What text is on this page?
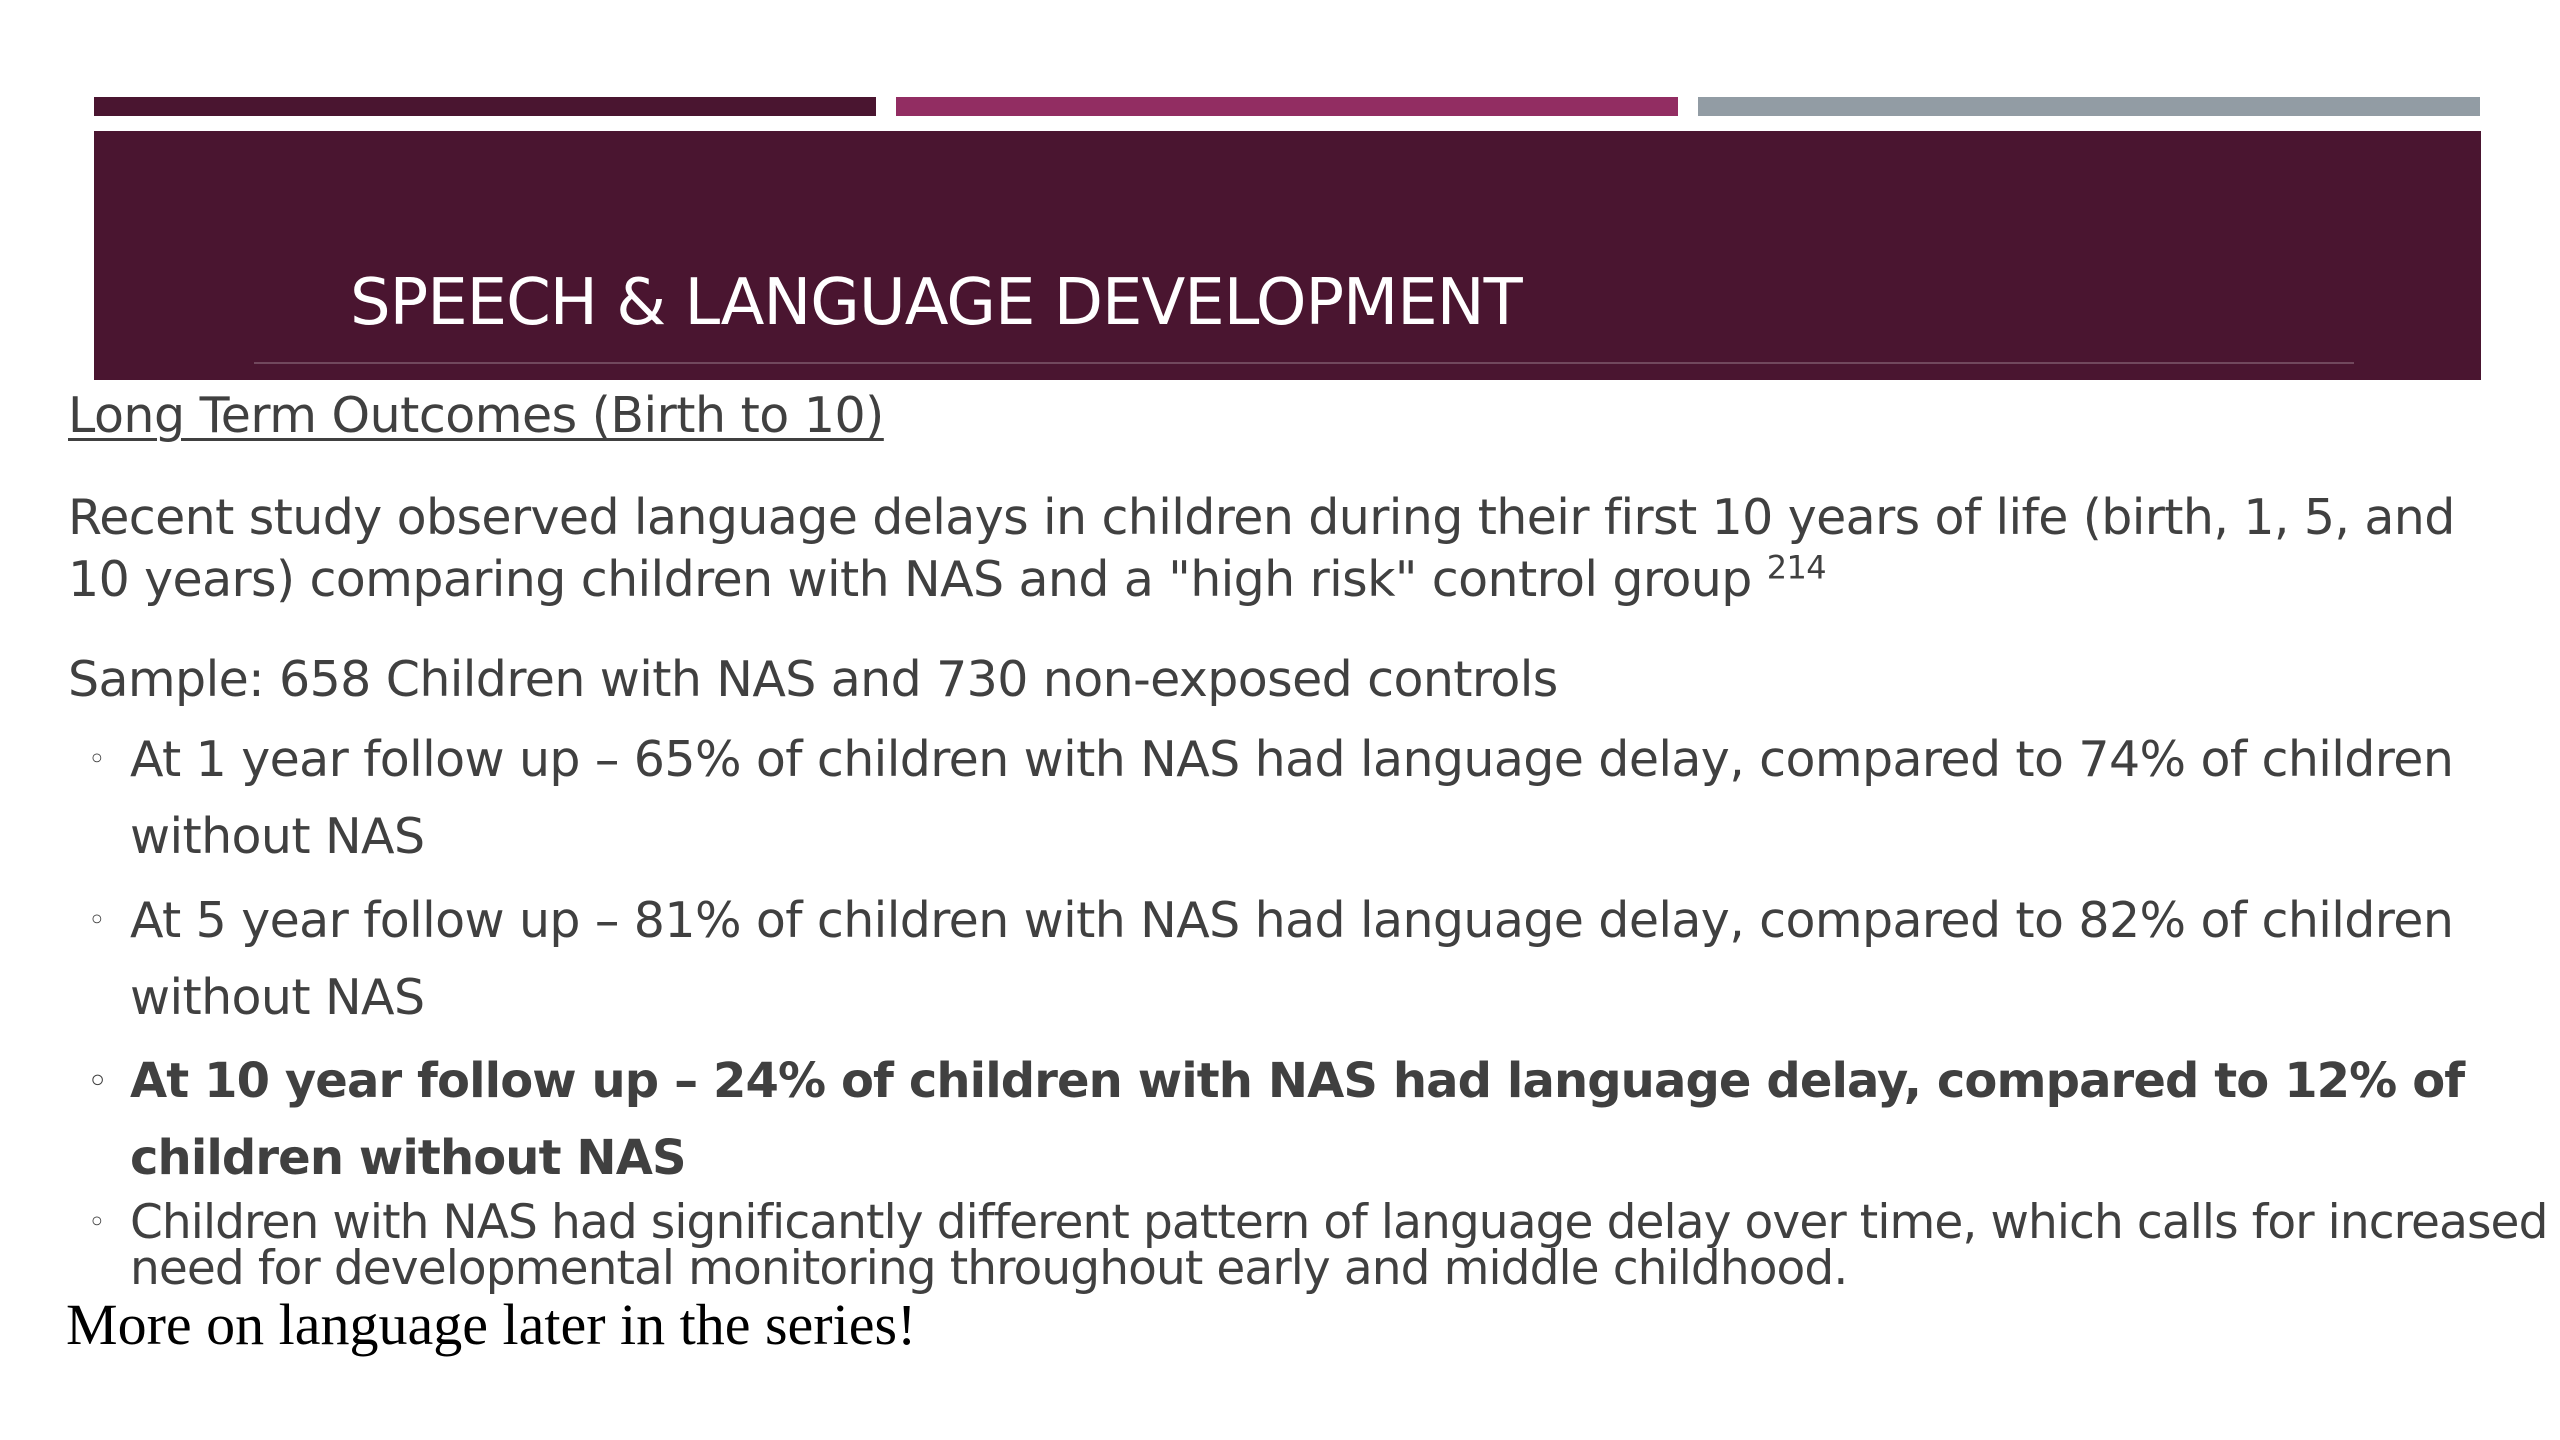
SPEECH & LANGUAGE DEVELOPMENT
Long Term Outcomes (Birth to 10)
Recent study observed language delays in children during their first 10 years of life (birth, 1, 5, and 10 years) comparing children with NAS and a "high risk" control group $^{214}$
Sample: 658 Children with NAS and 730 non-exposed controls
◦ At 1 year follow up – 65% of children with NAS had language delay, compared to 74% of children without NAS
◦ At 5 year follow up – 81% of children with NAS had language delay, compared to 82% of children without NAS
◦ At 10 year follow up – 24% of children with NAS had language delay, compared to 12% of children without NAS
◦ Children with NAS had significantly different pattern of language delay over time, which calls for increased need for developmental monitoring throughout early and middle childhood.

More on language later in the series!
